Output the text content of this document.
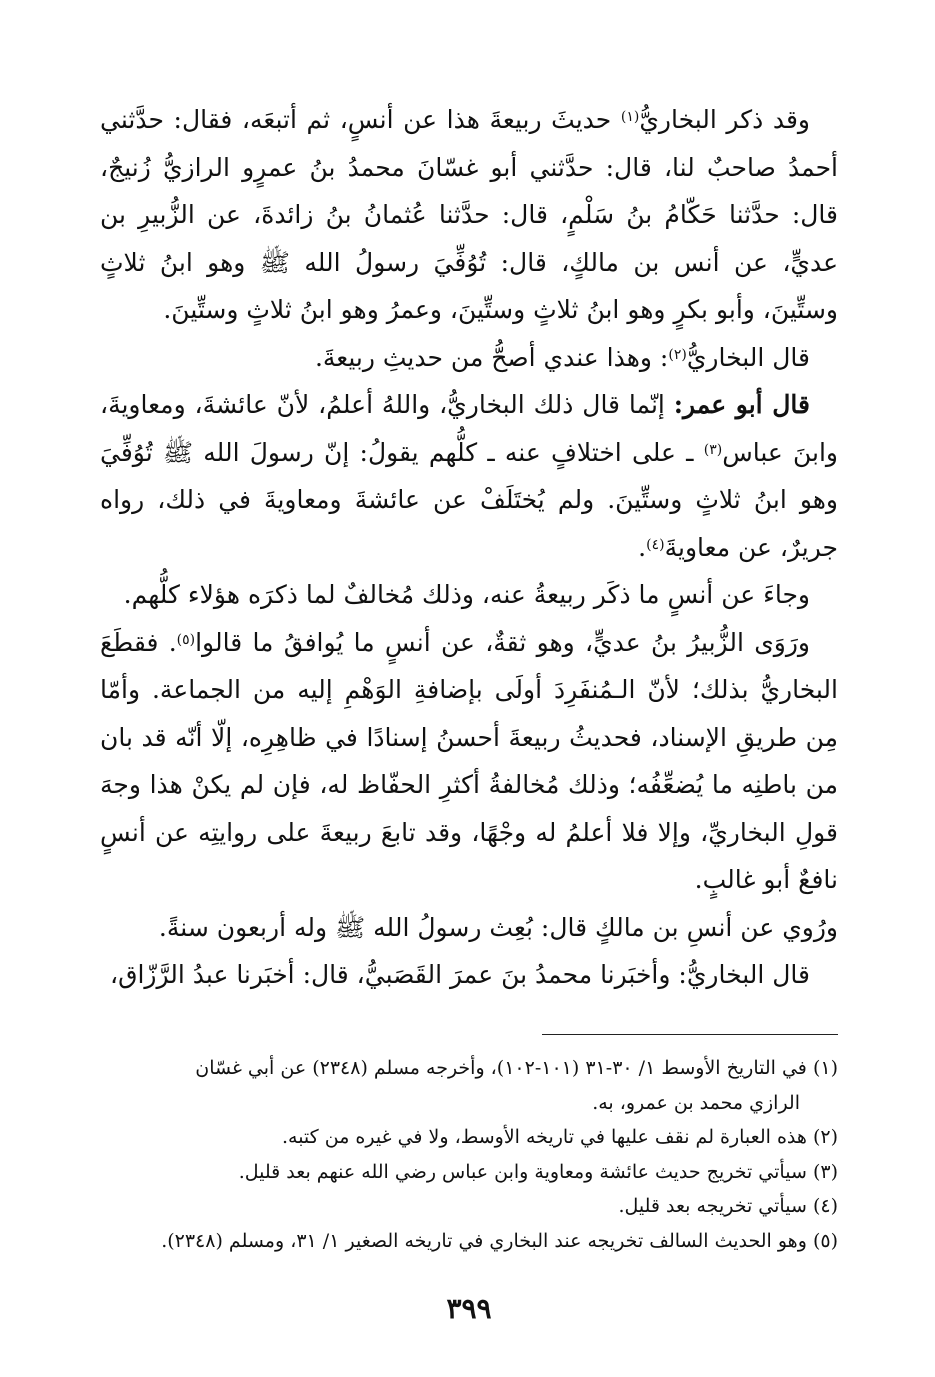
وقد ذكر البخاريُّ$^{(١)}$ حديثَ ربيعةَ هذا عن أنسٍ، ثم أتبعَه، فقال: حدَّثني أحمدُ صاحبٌ لنا، قال: حدَّثني أبو غسّانَ محمدُ بنُ عمرٍو الرازيُّ زُنيجٌ، قال: حدَّثنا حَكّامُ بنُ سَلْمٍ، قال: حدَّثنا عُثمانُ بنُ زائدةَ، عن الزُّبيرِ بن عديٍّ، عن أنس بن مالكٍ، قال: تُوُفِّيَ رسولُ الله ﷺ وهو ابنُ ثلاثٍ وستِّينَ، وأبو بكرٍ وهو ابنُ ثلاثٍ وستِّينَ، وعمرُ وهو ابنُ ثلاثٍ وستِّينَ.

قال البخاريُّ$^{(٢)}$: وهذا عندي أصحُّ من حديثِ ربيعةَ.

قال أبو عمر: إنّما قال ذلك البخاريُّ، واللهُ أعلمُ، لأنّ عائشةَ، ومعاويةَ، وابنَ عباس$^{(٣)}$ ـ على اختلافٍ عنه ـ كلُّهم يقولُ: إنّ رسولَ الله ﷺ تُوُفِّيَ وهو ابنُ ثلاثٍ وستِّينَ. ولم يُختَلَفْ عن عائشةَ ومعاويةَ في ذلك، رواه جريرٌ، عن معاويةَ$^{(٤)}$.

وجاءَ عن أنسٍ ما ذكَر ربيعةُ عنه، وذلك مُخالفٌ لما ذكرَه هؤلاء كلُّهم.

ورَوَى الزُّبيرُ بنُ عديٍّ، وهو ثقةٌ، عن أنسٍ ما يُوافقُ ما قالوا$^{(٥)}$. فقطَعَ البخاريُّ بذلك؛ لأنّ الـمُنفَرِدَ أولَى بإضافةِ الوَهْمِ إليه من الجماعة. وأمّا مِن طريقِ الإسناد، فحديثُ ربيعةَ أحسنُ إسنادًا في ظاهِرِه، إلّا أنّه قد بان من باطنِه ما يُضعِّفُه؛ وذلك مُخالفةُ أكثرِ الحفّاظ له، فإن لم يكنْ هذا وجهَ قولِ البخاريِّ، وإلا فلا أعلمُ له وجْهًا، وقد تابعَ ربيعةَ على روايتِه عن أنسٍ نافعٌ أبو غالبٍ.

ورُوي عن أنسِ بن مالكٍ قال: بُعِث رسولُ الله ﷺ وله أربعون سنةً.

قال البخاريُّ: وأخبَرنا محمدُ بنَ عمرَ القَصَبيُّ، قال: أخبَرنا عبدُ الرَّزّاق،

(١) في التاريخ الأوسط ١/ ٣٠-٣١ (١٠١-١٠٢)، وأخرجه مسلم (٢٣٤٨) عن أبي غسّان
الرازي محمد بن عمرو، به.

(٢) هذه العبارة لم نقف عليها في تاريخه الأوسط، ولا في غيره من كتبه.

(٣) سيأتي تخريج حديث عائشة ومعاوية وابن عباس رضي الله عنهم بعد قليل.

(٤) سيأتي تخريجه بعد قليل.

(٥) وهو الحديث السالف تخريجه عند البخاري في تاريخه الصغير ١/ ٣١، ومسلم (٢٣٤٨).

٣٩٩
